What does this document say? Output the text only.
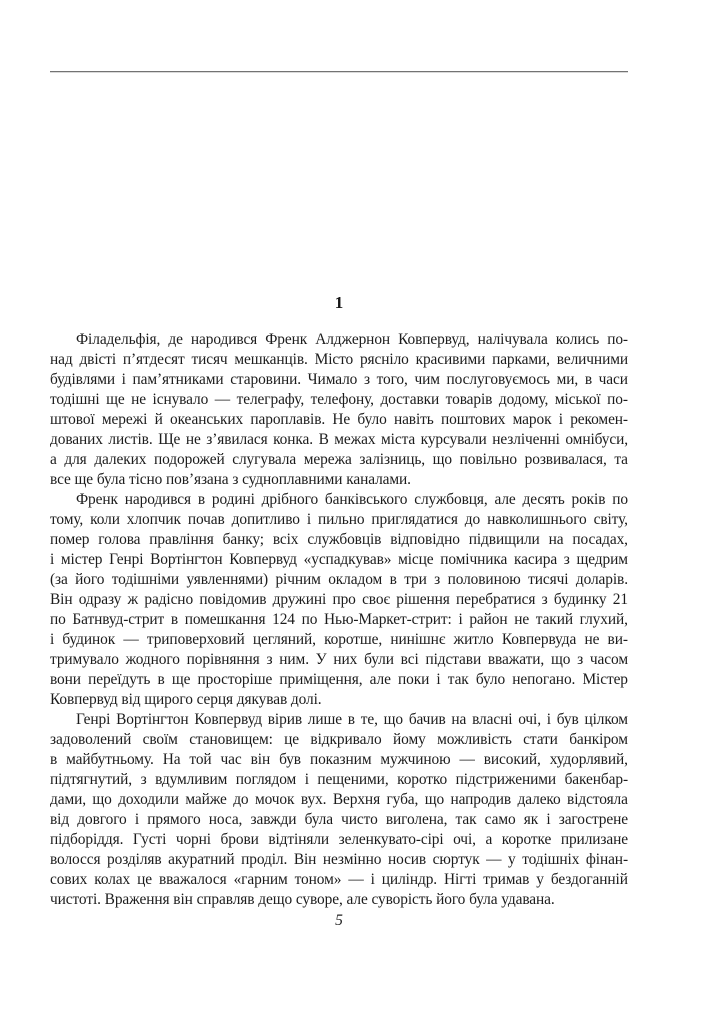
1
Філадельфія, де народився Френк Алджернон Ковпервуд, налічувала колись по-
над двісті п’ятдесят тисяч мешканців. Місто рясніло красивими парками, величними
будівлями і пам’ятниками старовини. Чимало з того, чим послуговуємось ми, в часи
тодішні ще не існувало — телеграфу, телефону, доставки товарів додому, міської по-
штової мережі й океанських пароплавів. Не було навіть поштових марок і рекомен-
дованих листів. Ще не з’явилася конка. В межах міста курсували незліченні омнібуси,
а для далеких подорожей слугувала мережа залізниць, що повільно розвивалася, та
все ще була тісно пов’язана з судноплавними каналами.
Френк народився в родині дрібного банківського службовця, але десять років по
тому, коли хлопчик почав допитливо і пильно приглядатися до навколишнього світу,
помер голова правління банку; всіх службовців відповідно підвищили на посадах,
і містер Генрі Вортінгтон Ковпервуд «успадкував» місце помічника касира з щедрим
(за його тодішніми уявленнями) річним окладом в три з половиною тисячі доларів.
Він одразу ж радісно повідомив дружині про своє рішення перебратися з будинку 21
по Батнвуд-стрит в помешкання 124 по Нью-Маркет-стрит: і район не такий глухий,
і будинок — триповерховий цегляний, коротше, нинішнє житло Ковпервуда не ви-
тримувало жодного порівняння з ним. У них були всі підстави вважати, що з часом
вони переїдуть в ще просторіше приміщення, але поки і так було непогано. Містер
Ковпервуд від щирого серця дякував долі.
Генрі Вортінгтон Ковпервуд вірив лише в те, що бачив на власні очі, і був цілком
задоволений своїм становищем: це відкривало йому можливість стати банкіром
в майбутньому. На той час він був показним мужчиною — високий, худорлявий,
підтягнутий, з вдумливим поглядом і пещеними, коротко підстриженими бакенбар-
дами, що доходили майже до мочок вух. Верхня губа, що напродив далеко відстояла
від довгого і прямого носа, завжди була чисто виголена, так само як і загострене
підборіддя. Густі чорні брови відтіняли зеленкувато-сірі очі, а коротке прилизане
волосся розділяв акуратний проділ. Він незмінно носив сюртук — у тодішніх фінан-
сових колах це вважалося «гарним тоном» — і циліндр. Нігті тримав у бездоганній
чистоті. Враження він справляв дещо суворе, але суворість його була удавана.
5
